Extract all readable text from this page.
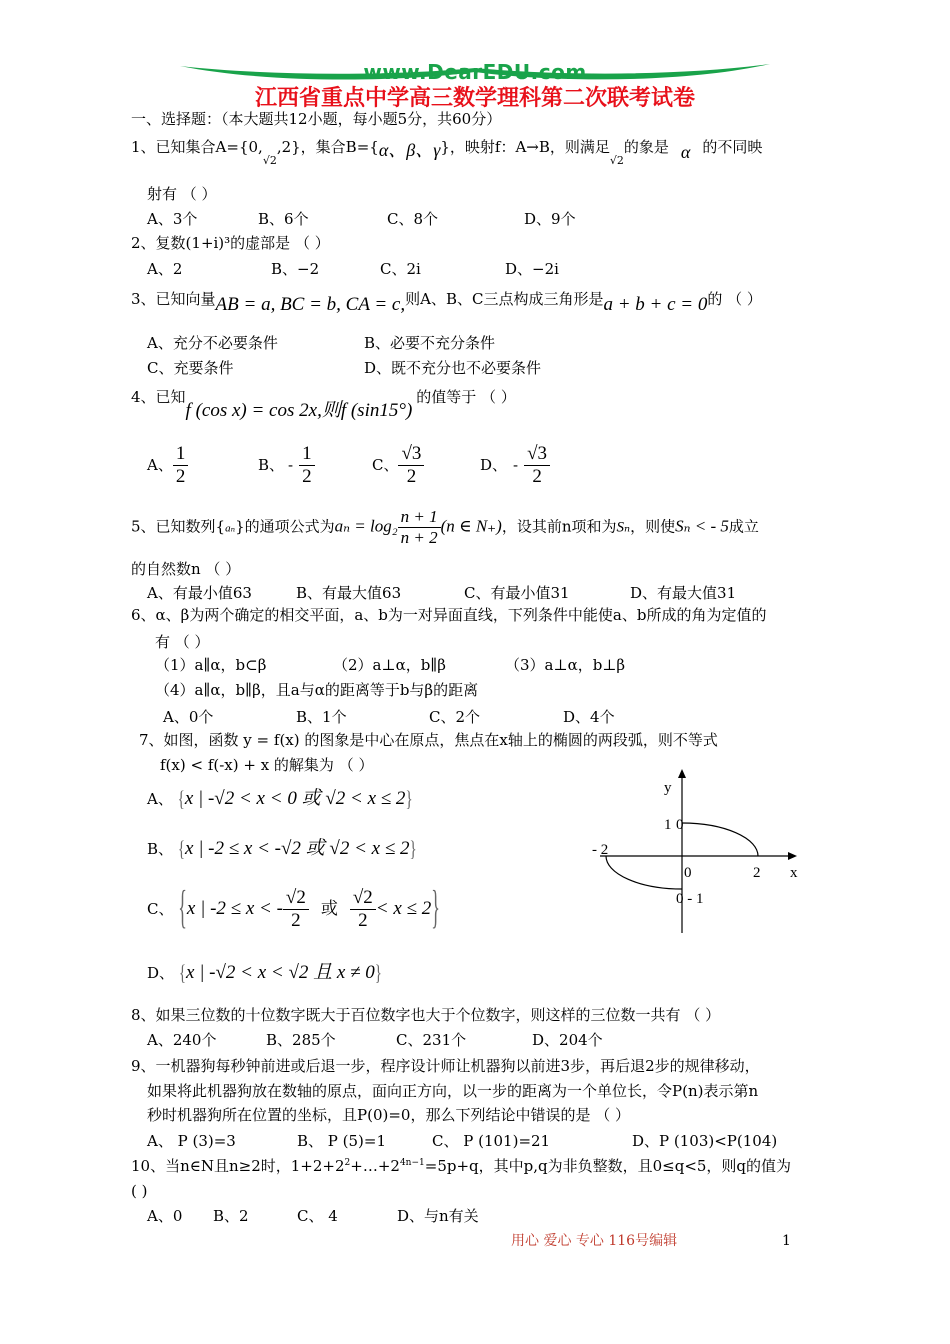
www.DearEDU.com
江西省重点中学高三数学理科第二次联考试卷
一、选择题：（本大题共12小题，每小题5分，共60分）
1、已知集合$A=\{0,_{√2},2\}$，集合B={α、β、γ}，映射f：A→B，则满足$_{√2}$的象是 α 的不同映
射有 （ ）
A、3个	B、6个	C、8个	D、9个
2、复数(1+i)³的虚部是 （ ）
A、2	B、−2	C、2i	D、−2i
3、已知向量AB = a, BC = b, CA = c,则A、B、C三点构成三角形是a + b + c = 0的 （ ）
A、充分不必要条件	B、必要不充分条件
C、充要条件	D、既不充分也不必要条件
4、已知f (cos x) = cos 2x,则f (sin15°)的值等于 （ ）
A、 $\frac{1}{2}$	B、 - $\frac{1}{2}$	C、 $\frac{√3}{2}$	D、 - $\frac{√3}{2}$
5、已知数列{aₙ}的通项公式为$a_n = \log_2 \frac{n + 1}{n + 2} (n$ ∈ N₊)，设其前n项和为Sₙ，则使Sₙ < - 5成立
的自然数n （ ）
A、有最小值63	B、有最大值63	C、有最小值31	D、有最大值31
6、α、β为两个确定的相交平面，a、b为一对异面直线，下列条件中能使a、b所成的角为定值的
有 （ ）
（1）a∥α，b⊂β	（2）a⊥α，b∥β	（3）a⊥α，b⊥β
（4）a∥α，b∥β，且a与α的距离等于b与β的距离
A、0个	B、1个	C、2个	D、4个
7、如图，函数 y = f(x) 的图象是中心在原点，焦点在x轴上的椭圆的两段弧，则不等式
f(x) < f(-x) + x 的解集为 （ ）
A、 {x | -√2 < x < 0 或 √2 < x ≤ 2}
B、 {x | -2 ≤ x < -√2 或 √2 < x ≤ 2}
C、 {x | -2 ≤ x < - $\frac{√2}{2}$ 或 $\frac{√2}{2} < x \le 2$}
D、 {x | -√2 < x < √2 且 x ≠ 0}
y
x
1 0
- 2
0	2
0 - 1
8、如果三位数的十位数字既大于百位数字也大于个位数字，则这样的三位数一共有 （ ）
A、240个	B、285个	C、231个	D、204个
9、一机器狗每秒钟前进或后退一步，程序设计师让机器狗以前进3步，再后退2步的规律移动，
如果将此机器狗放在数轴的原点，面向正方向，以一步的距离为一个单位长，令P(n)表示第n
秒时机器狗所在位置的坐标，且P(0)=0，那么下列结论中错误的是 （ ）
A、 P (3)=3	B、 P (5)=1	C、 P (101)=21	D、P (103)<P(104)
10、当n∈N且n≥2时，$1+2+2^2+\dots+2^{4n-1}=5p+q$，其中p,q为非负整数，且0≤q<5，则q的值为
( )
A、0 B、2	C、 4	D、与n有关
用心 爱心 专心 116号编辑	1
